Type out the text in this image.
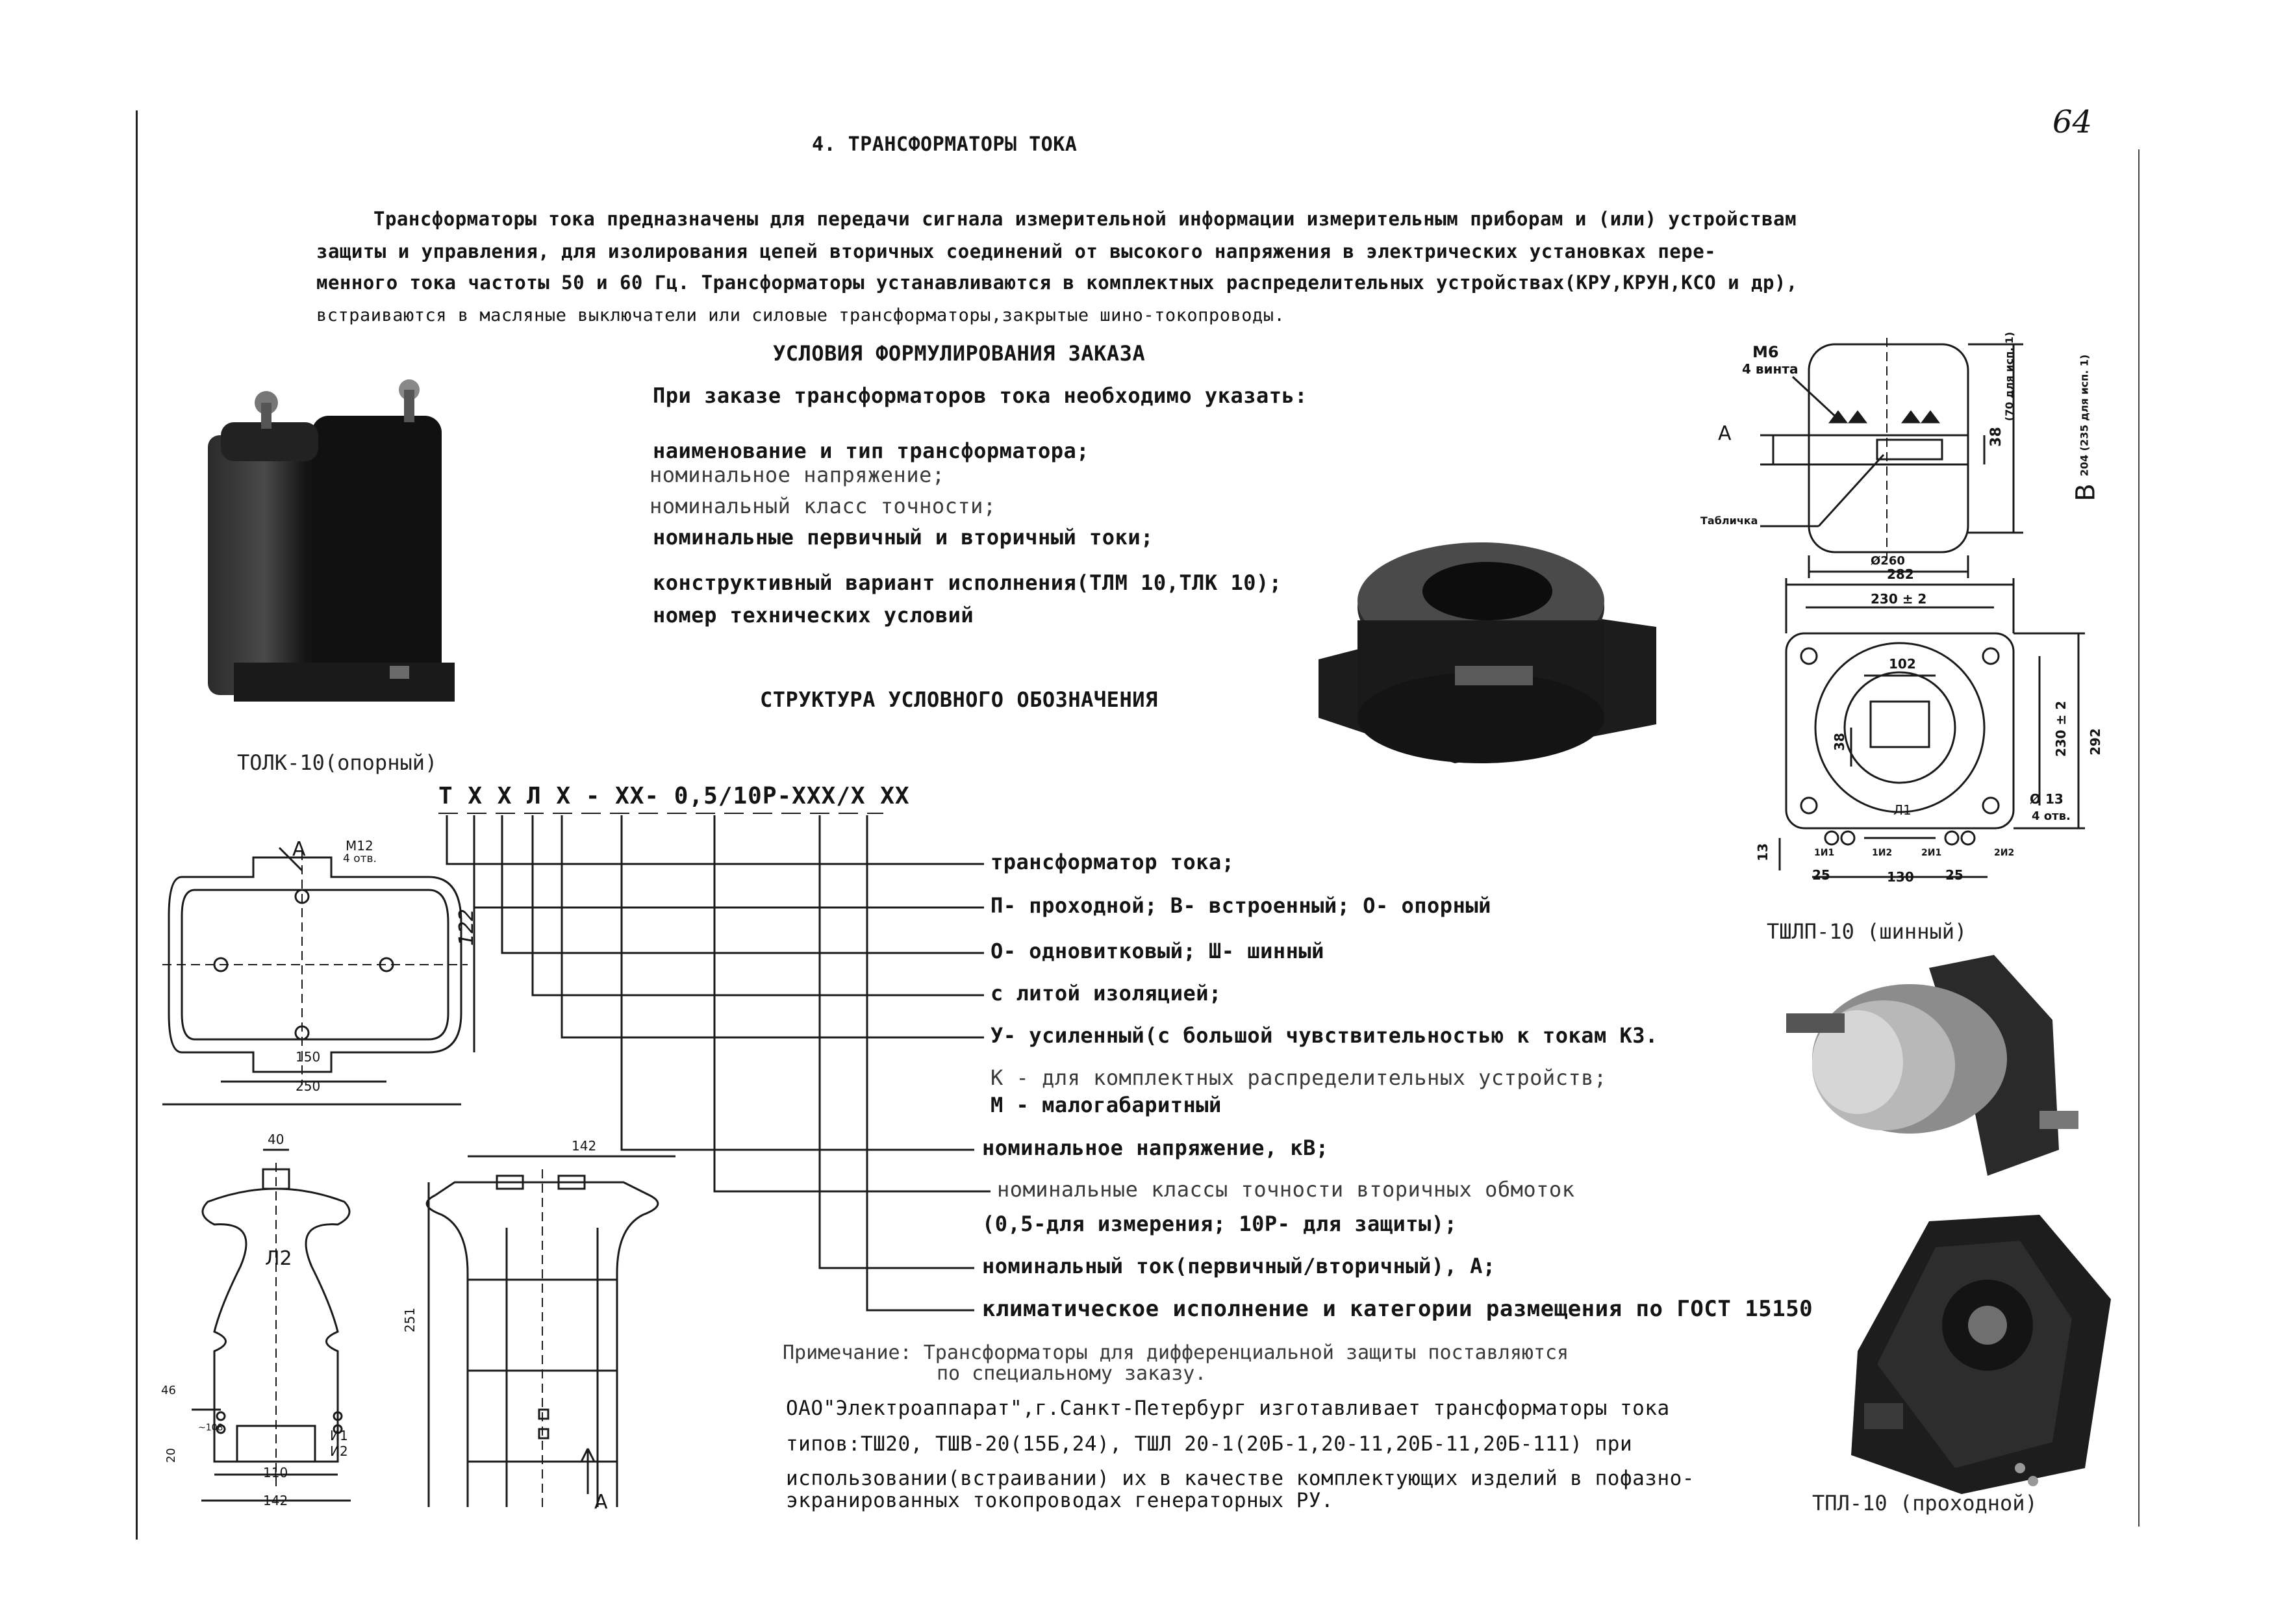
64
4. ТРАНСФОРМАТОРЫ ТОКА
Трансформаторы тока предназначены для передачи сигнала измерительной информации измерительным приборам и (или) устройствам
защиты и управления, для изолирования цепей вторичных соединений от высокого напряжения в электрических установках пере-
менного тока частоты 50 и 60 Гц. Трансформаторы устанавливаются в комплектных распределительных устройствах(КРУ,КРУН,КСО и др),
встраиваются в масляные выключатели или силовые трансформаторы,закрытые шино-токопроводы.
УСЛОВИЯ ФОРМУЛИРОВАНИЯ ЗАКАЗА
При заказе трансформаторов тока необходимо указать:
наименование и тип трансформатора;
номинальное напряжение;
номинальный класс точности;
номинальные первичный и вторичный токи;
конструктивный вариант исполнения(ТЛМ 10,ТЛК 10);
номер технических условий
СТРУКТУРА УСЛОВНОГО ОБОЗНАЧЕНИЯ
Т Х Х Л Х - ХХ- 0,5/10Р-ХХХ/Х ХХ
трансформатор тока;
П- проходной; В- встроенный; О- опорный
О- одновитковый; Ш- шинный
с литой изоляцией;
У- усиленный(с большой чувствительностью к токам КЗ.
К - для комплектных распределительных устройств;
М - малогабаритный
номинальное напряжение, кВ;
номинальные классы точности вторичных обмоток
(0,5-для измерения; 10Р- для защиты);
номинальный ток(первичный/вторичный), А;
климатическое исполнение и категории размещения по ГОСТ 15150
ТОЛК-10(опорный)
ТШЛП-10 (шинный)
ТПЛ-10 (проходной)
М6
4 винта
А
В
38
(70 для исп. 1)	204 (235 для исп. 1)
Табличка
Ø260
282
230 ± 2
102
38	230 ± 2 292
Л1
Ø 13
4 отв.
13	1И1	1И2	2И1	2И2
25	130 25
А	М12
4 отв.
150
250
122
40
Л2
46
~108
20
И1
И2
110
142
142
251
А
Примечание: Трансформаторы для дифференциальной защиты поставляются
по специальному заказу.
ОАО"Электроаппарат",г.Санкт-Петербург изготавливает трансформаторы тока
типов:ТШ20, ТШВ-20(15Б,24), ТШЛ 20-1(20Б-1,20-11,20Б-11,20Б-111) при
использовании(встраивании) их в качестве комплектующих изделий в пофазно-
экранированных токопроводах генераторных РУ.
